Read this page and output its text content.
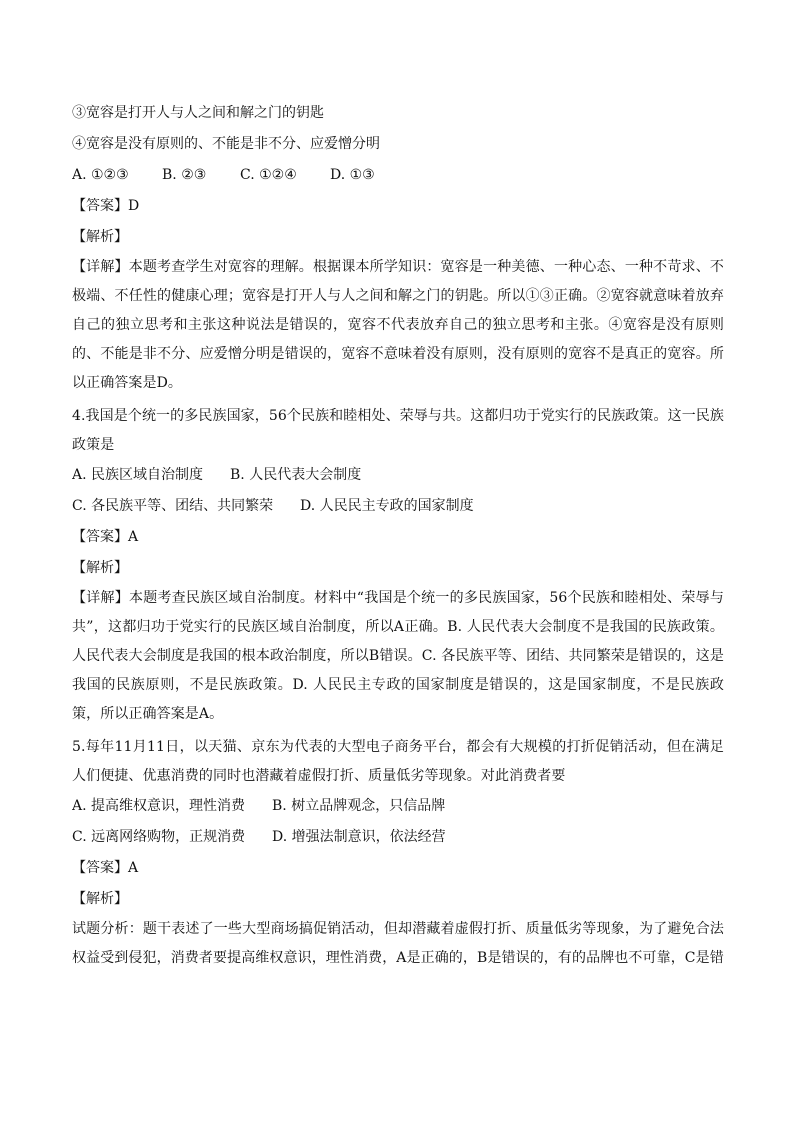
③宽容是打开人与人之间和解之门的钥匙
④宽容是没有原则的、不能是非不分、应爱憎分明
A. ①②③ B. ②③ C. ①②④ D. ①③
【答案】D
【解析】
【详解】本题考查学生对宽容的理解。根据课本所学知识：宽容是一种美德、一种心态、一种不苛求、不极端、不任性的健康心理；宽容是打开人与人之间和解之门的钥匙。所以①③正确。②宽容就意味着放弃自己的独立思考和主张这种说法是错误的，宽容不代表放弃自己的独立思考和主张。④宽容是没有原则的、不能是非不分、应爱憎分明是错误的，宽容不意味着没有原则，没有原则的宽容不是真正的宽容。所以正确答案是D。
4.我国是个统一的多民族国家，56个民族和睦相处、荣辱与共。这都归功于党实行的民族政策。这一民族政策是
A. 民族区域自治制度 B. 人民代表大会制度
C. 各民族平等、团结、共同繁荣 D. 人民民主专政的国家制度
【答案】A
【解析】
【详解】本题考查民族区域自治制度。材料中“我国是个统一的多民族国家，56个民族和睦相处、荣辱与共”，这都归功于党实行的民族区域自治制度，所以A正确。B. 人民代表大会制度不是我国的民族政策。人民代表大会制度是我国的根本政治制度，所以B错误。C. 各民族平等、团结、共同繁荣是错误的，这是我国的民族原则，不是民族政策。D. 人民民主专政的国家制度是错误的，这是国家制度，不是民族政策，所以正确答案是A。
5.每年11月11日，以天猫、京东为代表的大型电子商务平台，都会有大规模的打折促销活动，但在满足人们便捷、优惠消费的同时也潜藏着虚假打折、质量低劣等现象。对此消费者要
A. 提高维权意识，理性消费 B. 树立品牌观念，只信品牌
C. 远离网络购物，正规消费 D. 增强法制意识，依法经营
【答案】A
【解析】
试题分析：题干表述了一些大型商场搞促销活动，但却潜藏着虚假打折、质量低劣等现象，为了避免合法权益受到侵犯，消费者要提高维权意识，理性消费，A是正确的，B是错误的，有的品牌也不可靠，C是错
